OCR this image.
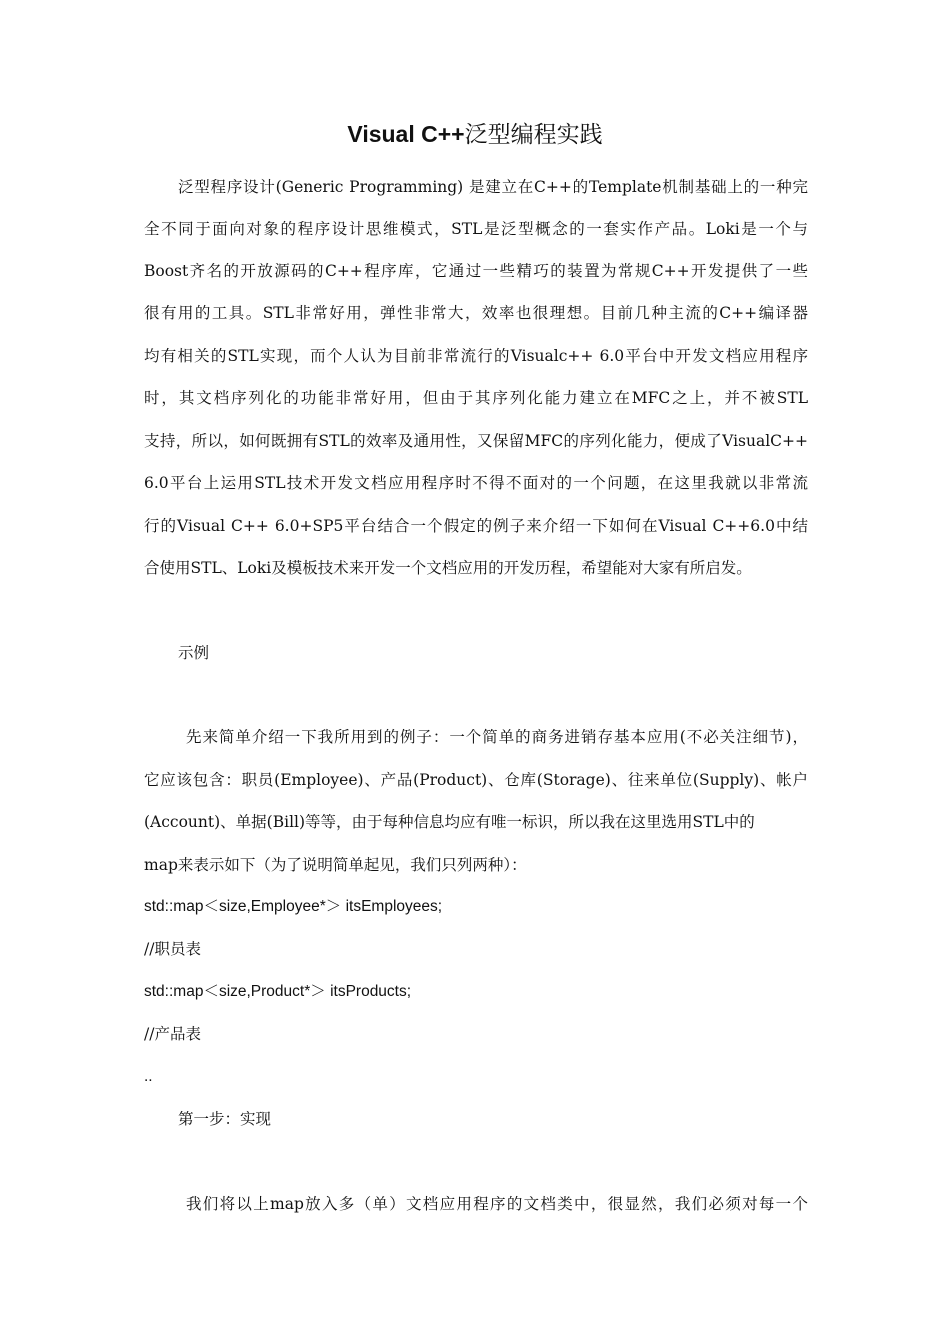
Visual C++泛型编程实践
泛型程序设计(Generic Programming) 是建立在C++的Template机制基础上的一种完
全不同于面向对象的程序设计思维模式，STL是泛型概念的一套实作产品。Loki是一个与
Boost齐名的开放源码的C++程序库，它通过一些精巧的装置为常规C++开发提供了一些
很有用的工具。STL非常好用，弹性非常大，效率也很理想。目前几种主流的C++编译器
均有相关的STL实现，而个人认为目前非常流行的Visualc++ 6.0平台中开发文档应用程序
时，其文档序列化的功能非常好用，但由于其序列化能力建立在MFC之上，并不被STL
支持，所以，如何既拥有STL的效率及通用性，又保留MFC的序列化能力，便成了VisualC++
6.0平台上运用STL技术开发文档应用程序时不得不面对的一个问题，在这里我就以非常流
行的Visual C++ 6.0+SP5平台结合一个假定的例子来介绍一下如何在Visual C++6.0中结
合使用STL、Loki及模板技术来开发一个文档应用的开发历程，希望能对大家有所启发。
示例
先来简单介绍一下我所用到的例子：一个简单的商务进销存基本应用(不必关注细节)，
它应该包含：职员(Employee)、产品(Product)、仓库(Storage)、往来单位(Supply)、帐户
(Account)、单据(Bill)等等，由于每种信息均应有唯一标识，所以我在这里选用STL中的
map来表示如下（为了说明简单起见，我们只列两种）：
std::map＜size,Employee*＞ itsEmployees;
//职员表
std::map＜size,Product*＞ itsProducts;
//产品表
..
第一步：实现
我们将以上map放入多（单）文档应用程序的文档类中，很显然，我们必须对每一个
